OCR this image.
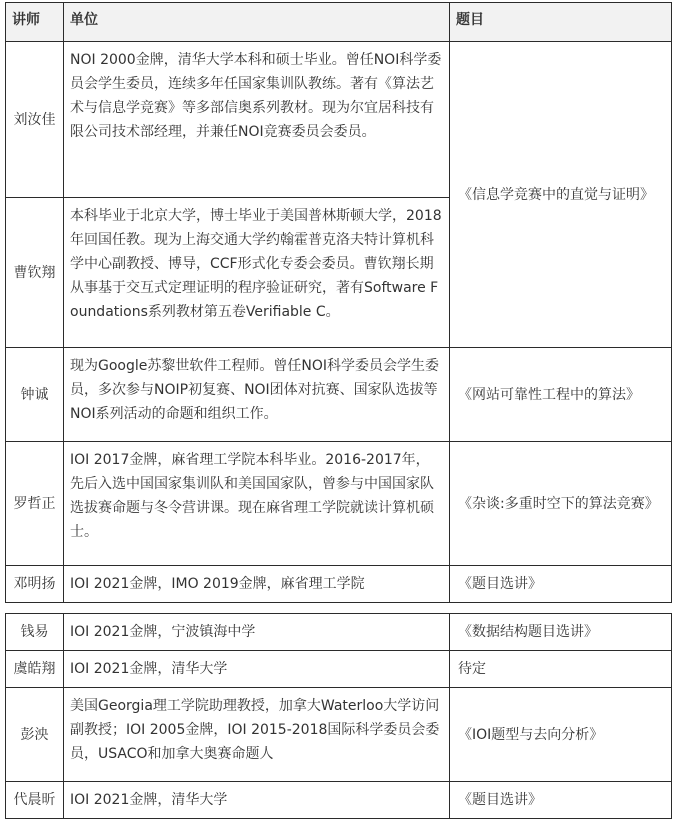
讲师	单位	题目
刘汝佳	NOI 2000金牌，清华大学本科和硕士毕业。曾任NOI科学委员会学生委员，连续多年任国家集训队教练。著有《算法艺术与信息学竞赛》等多部信奥系列教材。现为尔宜居科技有限公司技术部经理，并兼任NOI竞赛委员会委员。	《信息学竞赛中的直觉与证明》
曹钦翔	本科毕业于北京大学，博士毕业于美国普林斯顿大学，2018年回国任教。现为上海交通大学约翰霍普克洛夫特计算机科学中心副教授、博导，CCF形式化专委会委员。曹钦翔长期从事基于交互式定理证明的程序验证研究，著有Software Foundations系列教材第五卷Verifiable C。	
钟诚	现为Google苏黎世软件工程师。曾任NOI科学委员会学生委员，多次参与NOIP初复赛、NOI团体对抗赛、国家队选拔等NOI系列活动的命题和组织工作。	《网站可靠性工程中的算法》
罗哲正	IOI 2017金牌，麻省理工学院本科毕业。2016-2017年，先后入选中国国家集训队和美国国家队，曾参与中国国家队选拔赛命题与冬令营讲课。现在麻省理工学院就读计算机硕士。	《杂谈:多重时空下的算法竞赛》
邓明扬	IOI 2021金牌，IMO 2019金牌，麻省理工学院	《题目选讲》

钱易	IOI 2021金牌，宁波镇海中学	《数据结构题目选讲》
虞皓翔	IOI 2021金牌，清华大学	待定
彭泱	美国Georgia理工学院助理教授，加拿大Waterloo大学访问副教授；IOI 2005金牌，IOI 2015-2018国际科学委员会委员，USACO和加拿大奥赛命题人	《IOI题型与去向分析》
代晨昕	IOI 2021金牌，清华大学	《题目选讲》
